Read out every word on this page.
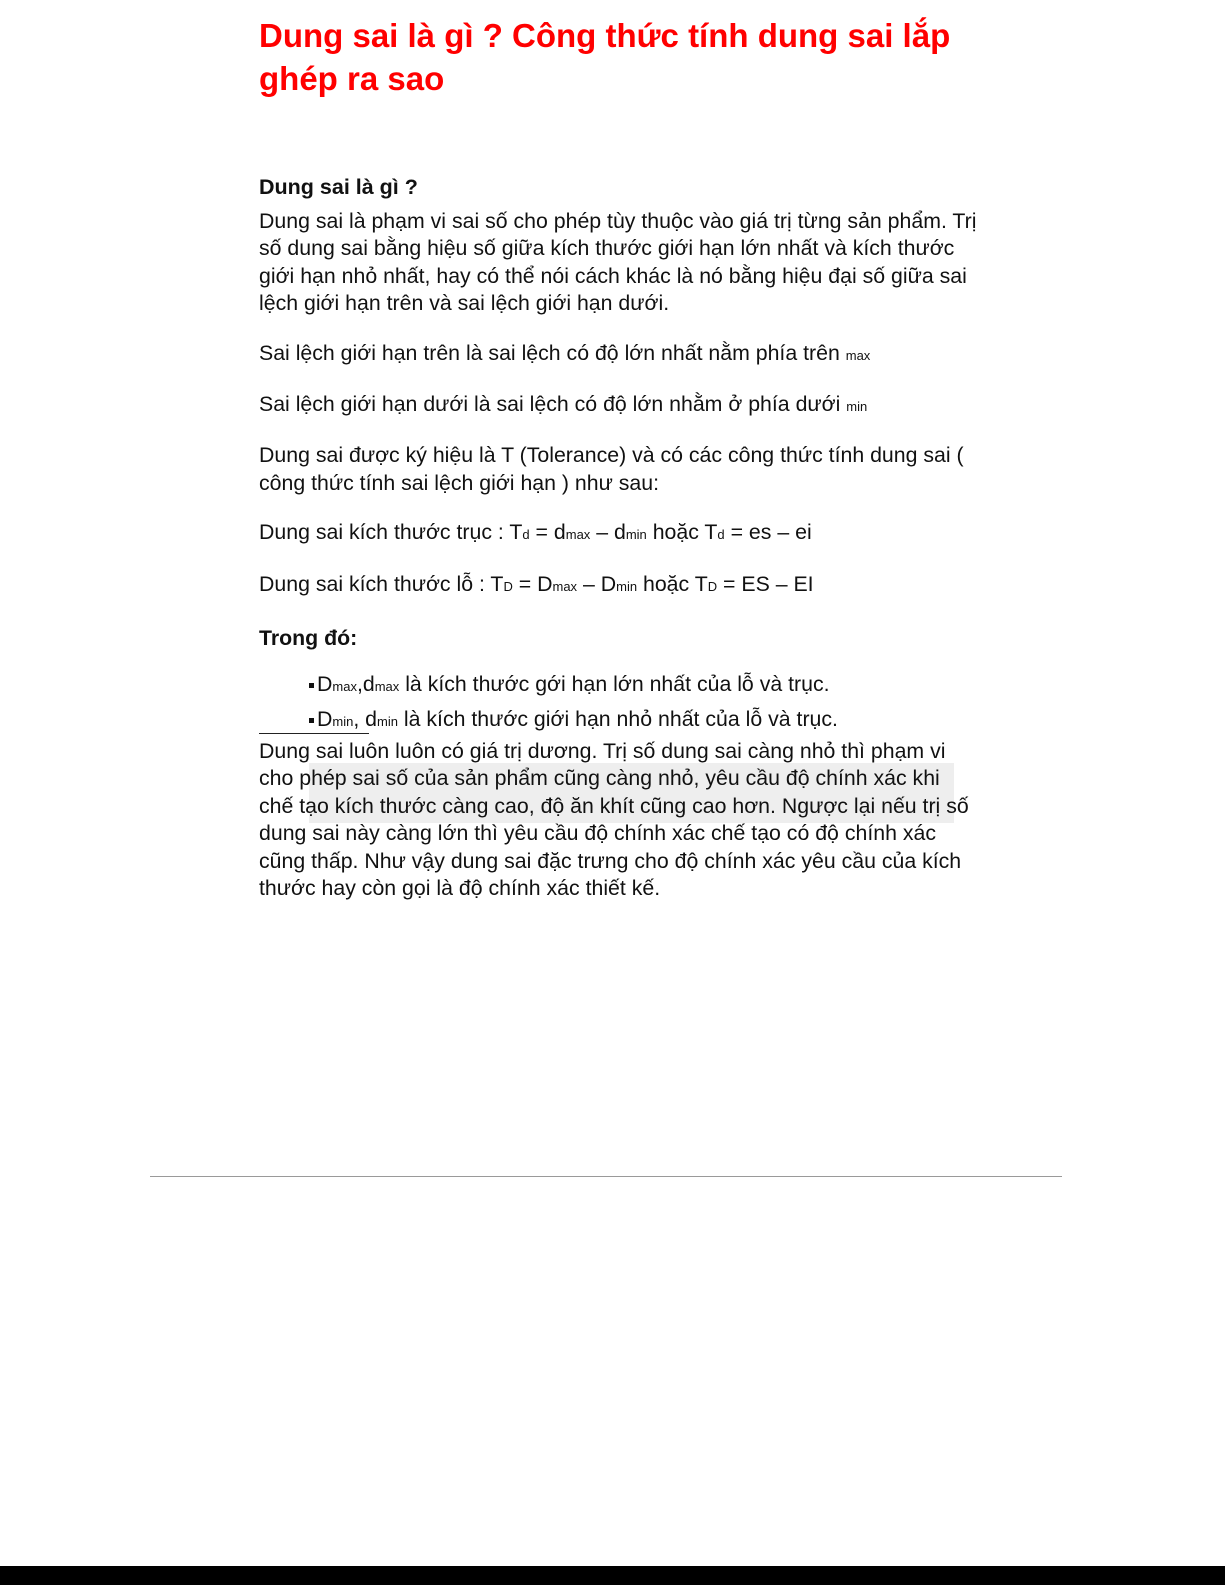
Dung sai là gì ? Công thức tính dung sai lắp ghép ra sao
Dung sai là gì ?

Dung sai là phạm vi sai số cho phép tùy thuộc vào giá trị từng sản phẩm. Trị số dung sai bằng hiệu số giữa kích thước giới hạn lớn nhất và kích thước giới hạn nhỏ nhất, hay có thể nói cách khác là nó bằng hiệu đại số giữa sai lệch giới hạn trên và sai lệch giới hạn dưới.

Sai lệch giới hạn trên là sai lệch có độ lớn nhất nằm phía trên max

Sai lệch giới hạn dưới là sai lệch có độ lớn nhằm ở phía dưới min

Dung sai được ký hiệu là T (Tolerance) và có các công thức tính dung sai ( công thức tính sai lệch giới hạn ) như sau:

Dung sai kích thước trục : Td = dmax – dmin hoặc Td = es – ei

Dung sai kích thước lỗ : TD = Dmax – Dmin hoặc TD = ES – EI

Trong đó:

Dmax,dmax là kích thước gới hạn lớn nhất của lỗ và trục.
Dmin, dmin là kích thước giới hạn nhỏ nhất của lỗ và trục.

Dung sai luôn luôn có giá trị dương. Trị số dung sai càng nhỏ thì phạm vi cho phép sai số của sản phẩm cũng càng nhỏ, yêu cầu độ chính xác khi chế tạo kích thước càng cao, độ ăn khít cũng cao hơn. Ngược lại nếu trị số dung sai này càng lớn thì yêu cầu độ chính xác chế tạo có độ chính xác cũng thấp. Như vậy dung sai đặc trưng cho độ chính xác yêu cầu của kích thước hay còn gọi là độ chính xác thiết kế.
